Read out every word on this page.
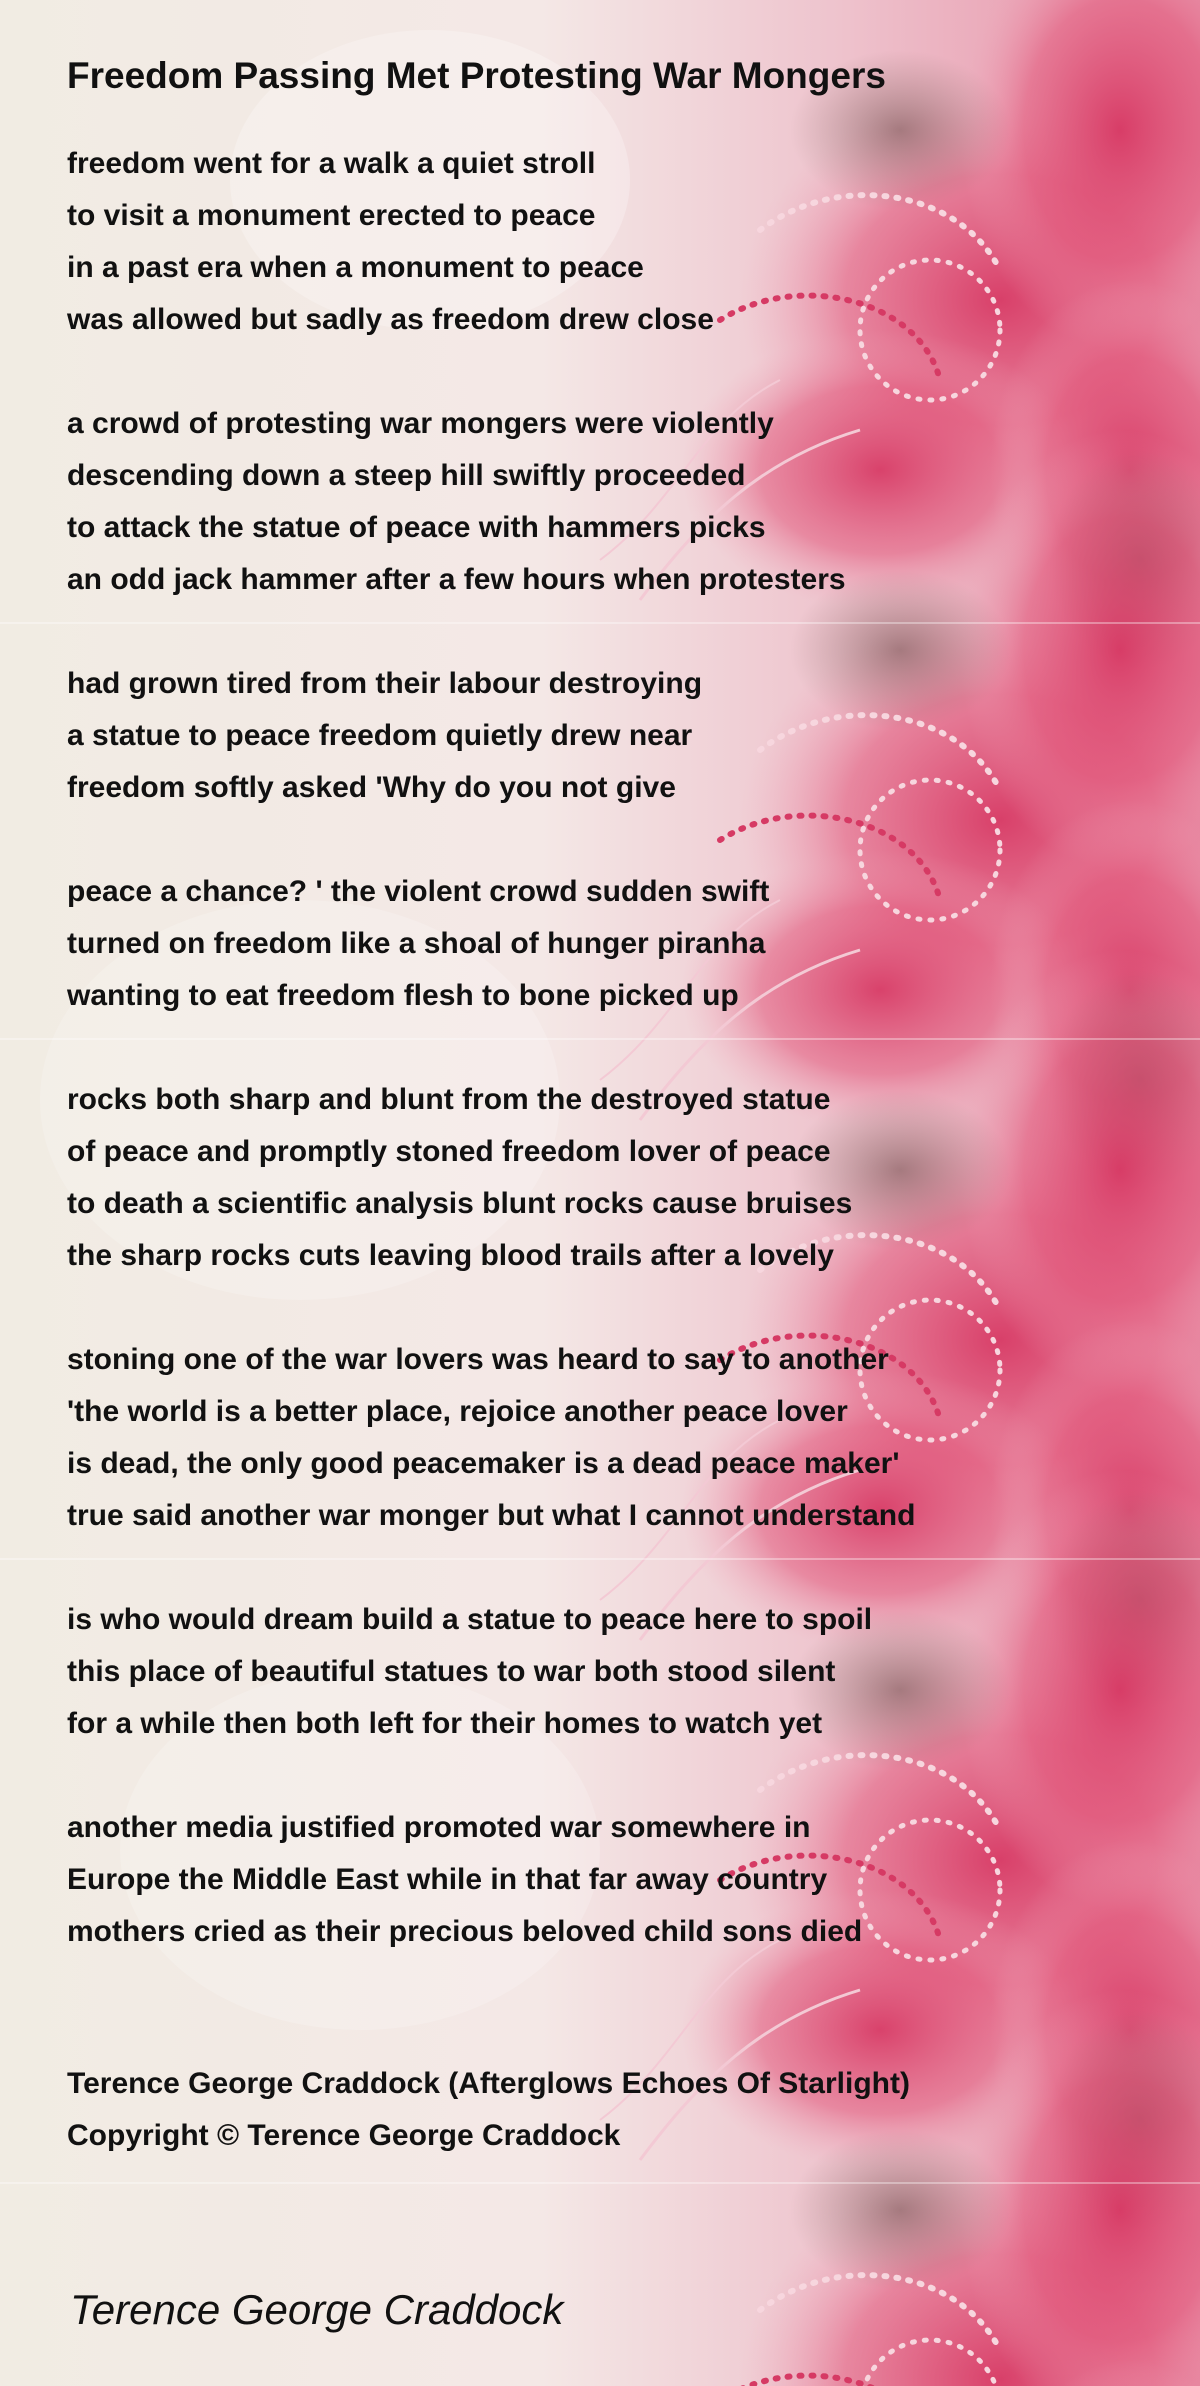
Freedom Passing Met Protesting War Mongers
freedom went for a walk a quiet stroll
to visit a monument erected to peace
in a past era when a monument to peace
was allowed but sadly as freedom drew close
a crowd of protesting war mongers were violently
descending down a steep hill swiftly proceeded
to attack the statue of peace with hammers picks
an odd jack hammer after a few hours when protesters
had grown tired from their labour destroying
a statue to peace freedom quietly drew near
freedom softly asked 'Why do you not give
peace a chance? ' the violent crowd sudden swift
turned on freedom like a shoal of hunger piranha
wanting to eat freedom flesh to bone picked up
rocks both sharp and blunt from the destroyed statue
of peace and promptly stoned freedom lover of peace
to death a scientific analysis blunt rocks cause bruises
the sharp rocks cuts leaving blood trails after a lovely
stoning one of the war lovers was heard to say to another
'the world is a better place, rejoice another peace lover
is dead, the only good peacemaker is a dead peace maker'
true said another war monger but what I cannot understand
is who would dream build a statue to peace here to spoil
this place of beautiful statues to war both stood silent
for a while then both left for their homes to watch yet
another media justified promoted war somewhere in
Europe the Middle East while in that far away country
mothers cried as their precious beloved child sons died
Terence George Craddock (Afterglows Echoes Of Starlight)
Copyright © Terence George Craddock
Terence George Craddock
